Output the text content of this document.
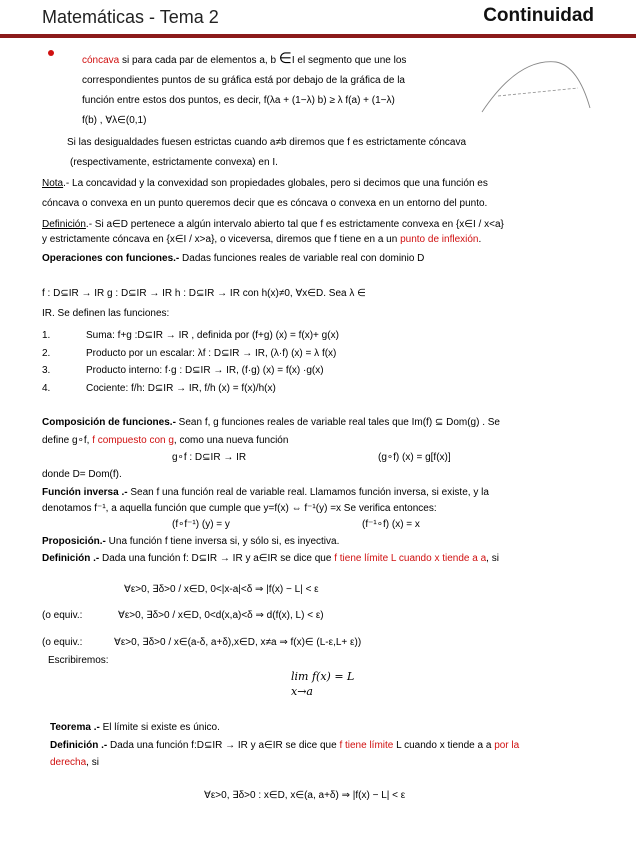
Matemáticas - Tema 2	Continuidad
cóncava si para cada par de elementos a, b ∈I el segmento que une los
correspondientes puntos de su gráfica está por debajo de la gráfica de la
función entre estos dos puntos, es decir, f(λa + (1−λ) b) ≥ λ f(a) + (1−λ)
f(b) , ∀λ∈(0,1)
Si las desigualdades fuesen estrictas cuando a≠b diremos que f es estrictamente cóncava
(respectivamente, estrictamente convexa) en I.
Nota.- La concavidad y la convexidad son propiedades globales, pero si decimos que una función es
cóncava o convexa en un punto queremos decir que es cóncava o convexa en un entorno del punto.
Definición.- Si a∈D pertenece a algún intervalo abierto tal que f es estrictamente convexa en {x∈I / x<a}
y estrictamente cóncava en {x∈I / x>a}, o viceversa, diremos que f tiene en a un punto de inflexión.
Operaciones con funciones.- Dadas funciones reales de variable real con dominio D
f : D⊆IR → IR g : D⊆IR → IR h : D⊆IR → IR con h(x)≠0, ∀x∈D. Sea λ ∈
IR. Se definen las funciones:
1.	Suma: f+g :D⊆IR → IR , definida por (f+g) (x) = f(x)+ g(x)
2.	Producto por un escalar: λf : D⊆IR → IR, (λ·f) (x) = λ f(x)
3.	Producto interno: f·g : D⊆IR → IR, (f·g) (x) = f(x) ·g(x)
4.	Cociente: f/h: D⊆IR → IR, f/h (x) = f(x)/h(x)
Composición de funciones.- Sean f, g funciones reales de variable real tales que Im(f) ⊆ Dom(g) . Se
define g∘f, f compuesto con g, como una nueva función
g∘f : D⊆IR → IR	(g∘f) (x) = g[f(x)]
donde D= Dom(f).
Función inversa .- Sean f una función real de variable real. Llamamos función inversa, si existe, y la
denotamos f⁻¹, a aquella función que cumple que y=f(x) ⇔ f⁻¹(y) =x Se verifica entonces:
(f∘f⁻¹) (y) = y	(f⁻¹∘f) (x) = x
Proposición.- Una función f tiene inversa si, y sólo si, es inyectiva.
Definición .- Dada una función f: D⊆IR → IR y a∈IR se dice que f tiene límite L cuando x tiende a a, si
∀ε>0, ∃δ>0 / x∈D, 0<|x-a|<δ ⇒ |f(x) − L| < ε
(o equiv.:	∀ε>0, ∃δ>0 / x∈D, 0<d(x,a)<δ ⇒ d(f(x), L) < ε)
(o equiv.:	∀ε>0, ∃δ>0 / x∈(a-δ, a+δ),x∈D, x≠a ⇒ f(x)∈ (L-ε,L+ ε))
Escribiremos:
lim f(x) = L
x→a
Teorema .- El límite si existe es único.
Definición .- Dada una función f:D⊆IR → IR y a∈IR se dice que f tiene límite L cuando x tiende a a por la
derecha, si
∀ε>0, ∃δ>0 : x∈D, x∈(a, a+δ) ⇒ |f(x) − L| < ε
